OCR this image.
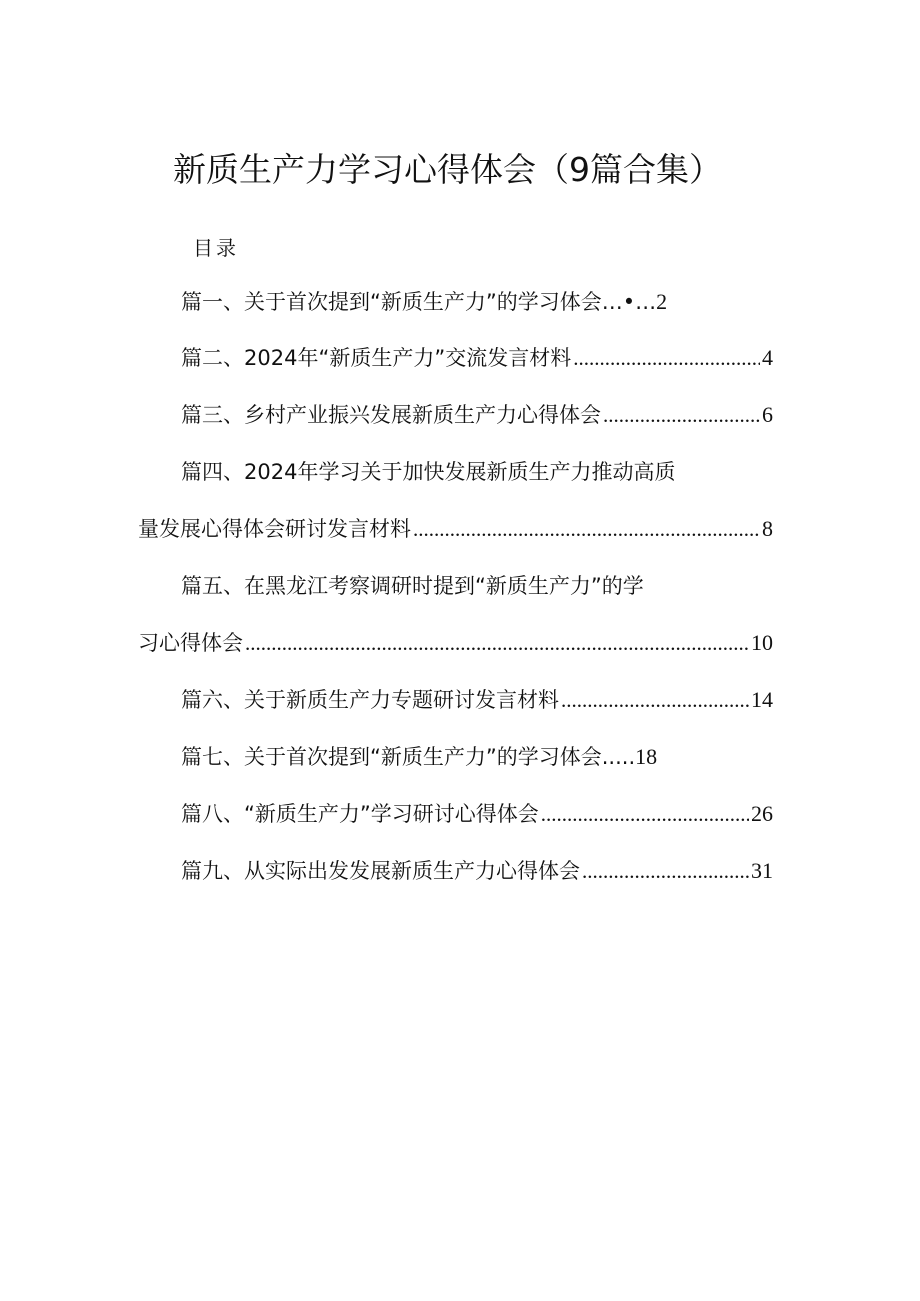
新质生产力学习心得体会（9篇合集）
目录
篇一、关于首次提到“新质生产力”的学习体会…•… 2
篇二、2024年“新质生产力”交流发言材料 .....	4
篇三、乡村产业振兴发展新质生产力心得体会 .....	6
篇四、2024年学习关于加快发展新质生产力推动高质
量发展心得体会研讨发言材料 .....	8
篇五、在黑龙江考察调研时提到“新质生产力”的学
习心得体会 .....	10
篇六、关于新质生产力专题研讨发言材料 .....	14
篇七、关于首次提到“新质生产力”的学习体会..... 18
篇八、“新质生产力”学习研讨心得体会 .....	26
篇九、从实际出发发展新质生产力心得体会 .....	31
